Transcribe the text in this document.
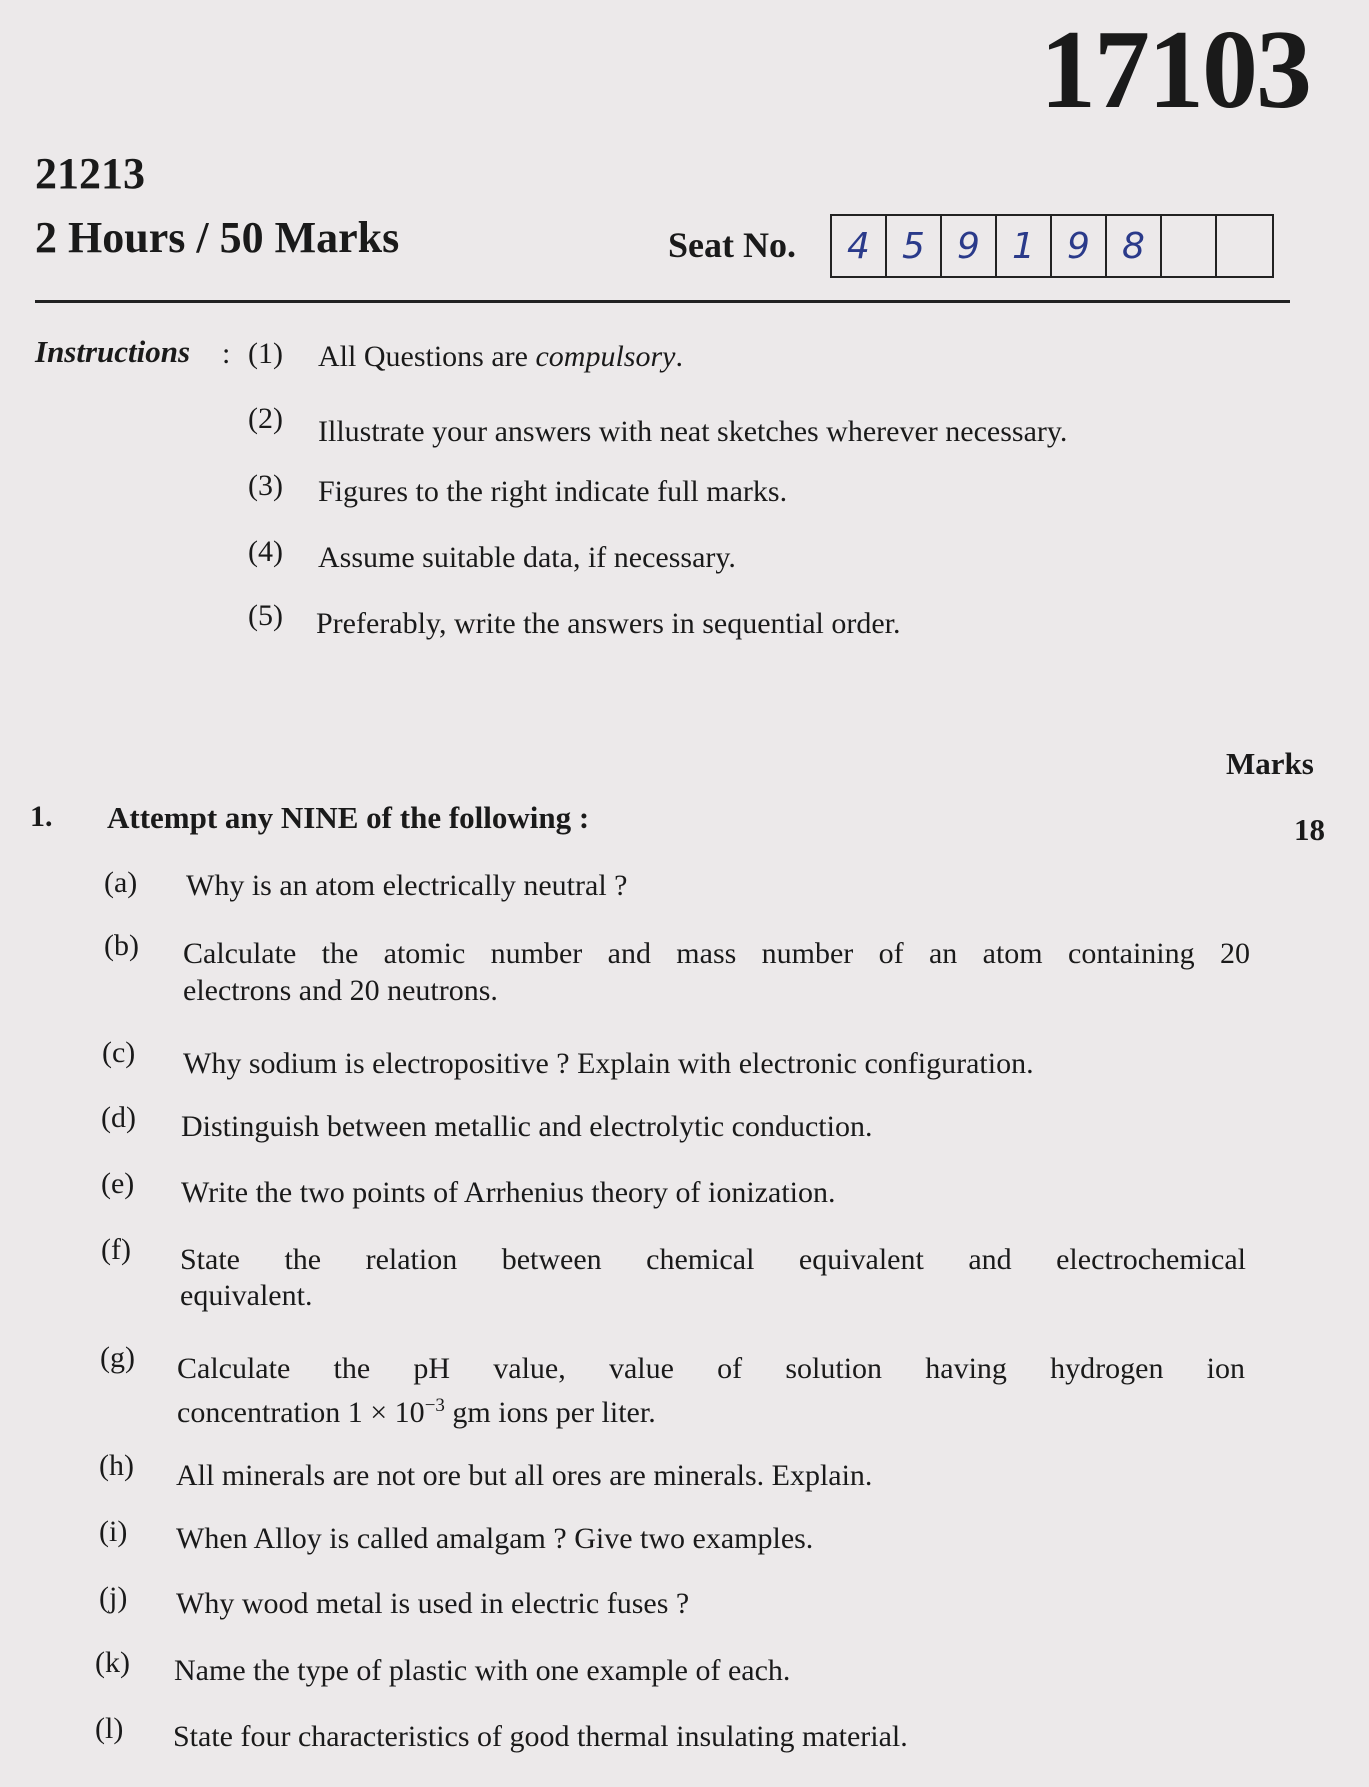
17103
21213
2 Hours / 50 Marks	Seat No.	4 5 9 1 9 8
Instructions : (1) All Questions are compulsory.
(2) Illustrate your answers with neat sketches wherever necessary.
(3) Figures to the right indicate full marks.
(4) Assume suitable data, if necessary.
(5) Preferably, write the answers in sequential order.
Marks
1. Attempt any NINE of the following :	18
(a) Why is an atom electrically neutral ?
(b) Calculate the atomic number and mass number of an atom containing 20
electrons and 20 neutrons.
(c) Why sodium is electropositive ? Explain with electronic configuration.
(d) Distinguish between metallic and electrolytic conduction.
(e) Write the two points of Arrhenius theory of ionization.
(f) State the relation between chemical equivalent and electrochemical
equivalent.
(g) Calculate the pH value, value of solution having hydrogen ion
concentration $1 \times 10^{-3}$ gm ions per liter.
(h) All minerals are not ore but all ores are minerals. Explain.
(i) When Alloy is called amalgam ? Give two examples.
(j) Why wood metal is used in electric fuses ?
(k) Name the type of plastic with one example of each.
(l) State four characteristics of good thermal insulating material.
